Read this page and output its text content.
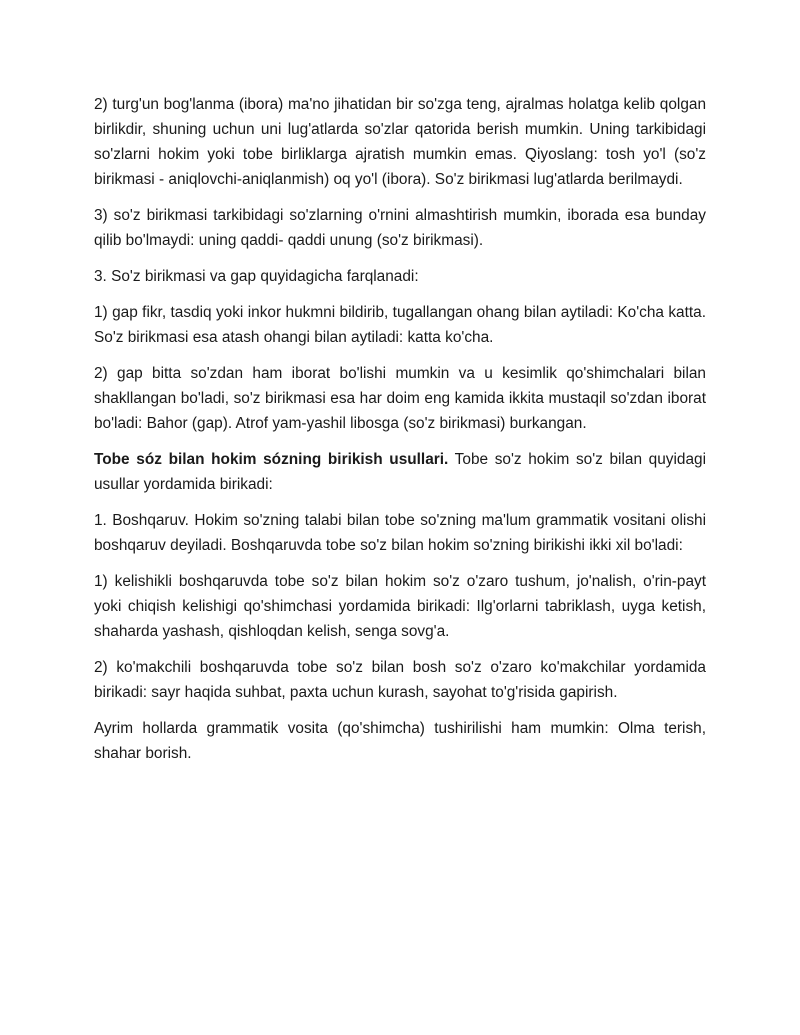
2) turg'un bog'lanma (ibora) ma'no jihatidan bir so'zga teng, ajralmas holatga kelib qolgan birlikdir, shuning uchun uni lug'atlarda so'zlar qatorida berish mumkin. Uning tarkibidagi so'zlarni hokim yoki tobe birliklarga ajratish mumkin emas. Qiyoslang: tosh yo'l (so'z birikmasi - aniqlovchi-aniqlanmish) oq yo'l (ibora). So'z birikmasi lug'atlarda berilmaydi.

3) so'z birikmasi tarkibidagi so'zlarning o'rnini almashtirish mumkin, iborada esa bunday qilib bo'lmaydi: uning qaddi- qaddi unung (so'z birikmasi).

3. So'z birikmasi va gap quyidagicha farqlanadi:

1) gap fikr, tasdiq yoki inkor hukmni bildirib, tugallangan ohang bilan aytiladi: Ko'cha katta. So'z birikmasi esa atash ohangi bilan aytiladi: katta ko'cha.

2) gap bitta so'zdan ham iborat bo'lishi mumkin va u kesimlik qo'shimchalari bilan shakllangan bo'ladi, so'z birikmasi esa har doim eng kamida ikkita mustaqil so'zdan iborat bo'ladi: Bahor (gap). Atrof yam-yashil libosga (so'z birikmasi) burkangan.

Tobe sóz bilan hokim sózning birikish usullari. Tobe so'z hokim so'z bilan quyidagi usullar yordamida birikadi:

1. Boshqaruv. Hokim so'zning talabi bilan tobe so'zning ma'lum grammatik vositani olishi boshqaruv deyiladi. Boshqaruvda tobe so'z bilan hokim so'zning birikishi ikki xil bo'ladi:

1) kelishikli boshqaruvda tobe so'z bilan hokim so'z o'zaro tushum, jo'nalish, o'rin-payt yoki chiqish kelishigi qo'shimchasi yordamida birikadi: Ilg'orlarni tabriklash, uyga ketish, shaharda yashash, qishloqdan kelish, senga sovg'a.

2) ko'makchili boshqaruvda tobe so'z bilan bosh so'z o'zaro ko'makchilar yordamida birikadi: sayr haqida suhbat, paxta uchun kurash, sayohat to'g'risida gapirish.

Ayrim hollarda grammatik vosita (qo'shimcha) tushirilishi ham mumkin: Olma terish, shahar borish.
